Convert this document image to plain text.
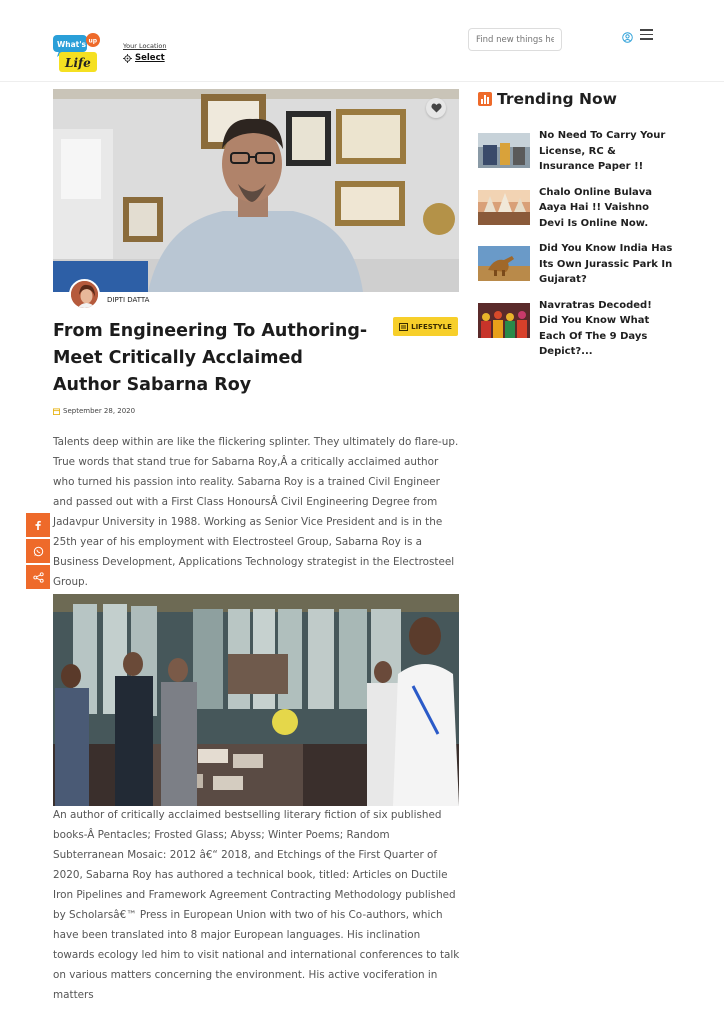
What's up
Life
Your Location
Select
Find new things here
DIPTI DATTA
From Engineering To Authoring- Meet Critically Acclaimed Author Sabarna Roy
LIFESTYLE
September 28, 2020

Talents deep within are like the flickering splinter. They ultimately do flare-up. True words that stand true for Sabarna Roy,Â a critically acclaimed author who turned his passion into reality. Sabarna Roy is a trained Civil Engineer and passed out with a First Class HonoursÂ Civil Engineering Degree from Jadavpur University in 1988. Working as Senior Vice President and is in the 25th year of his employment with Electrosteel Group, Sabarna Roy is a Business Development, Applications Technology strategist in the Electrosteel Group.

An author of critically acclaimed bestselling literary fiction of six published books-Â Pentacles; Frosted Glass; Abyss; Winter Poems; Random Subterranean Mosaic: 2012 â€“ 2018, and Etchings of the First Quarter of 2020, Sabarna Roy has authored a technical book, titled: Articles on Ductile Iron Pipelines and Framework Agreement Contracting Methodology published by Scholarsâ€™ Press in European Union with two of his Co-authors, which have been translated into 8 major European languages. His inclination towards ecology led him to visit national and international conferences to talk on various matters concerning the environment. His active vociferation in matters

Trending Now
No Need To Carry Your License, RC & Insurance Paper !!
Chalo Online Bulava Aaya Hai !! Vaishno Devi Is Online Now.
Did You Know India Has Its Own Jurassic Park In Gujarat?
Navratras Decoded! Did You Know What Each Of The 9 Days Depict?...
